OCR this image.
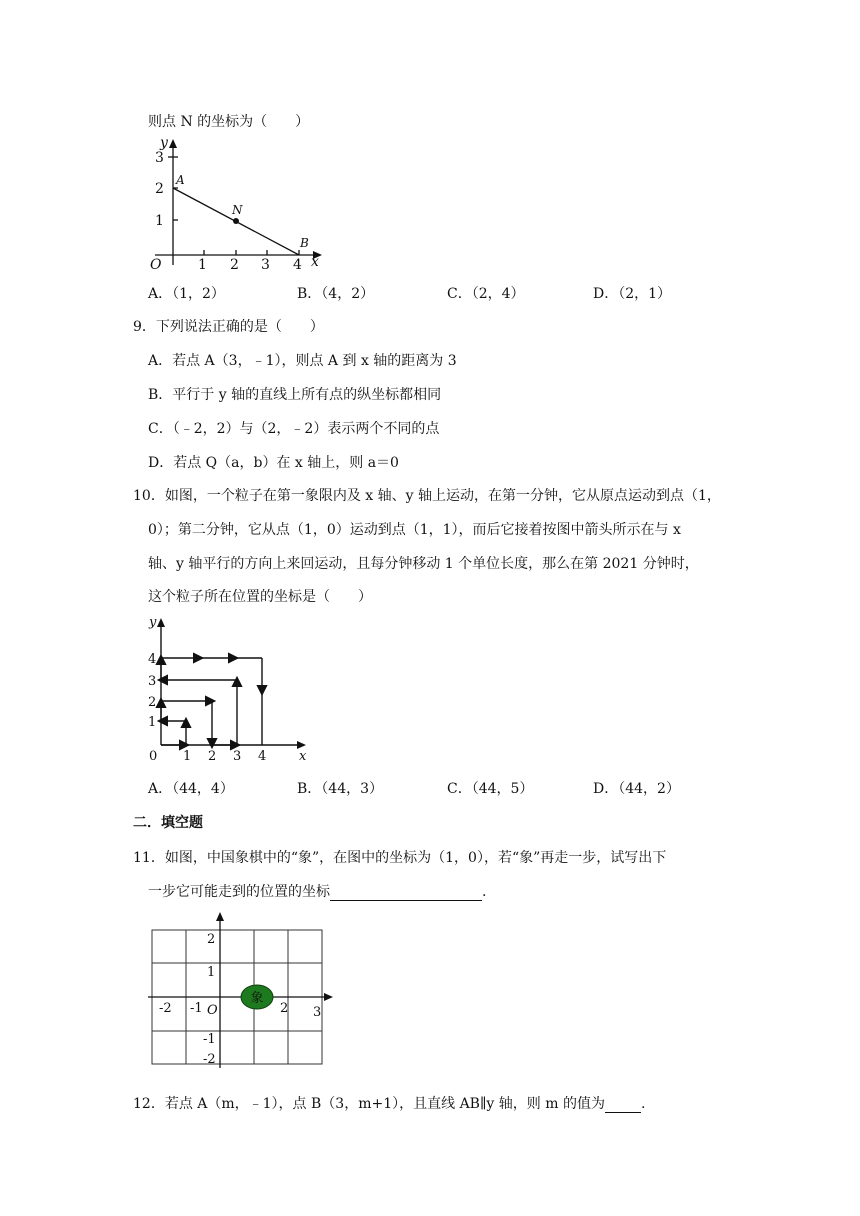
则点 N 的坐标为（　　）
y
3
2
1
O	1 2 3 4 x
A
N
B
A．（1，2）	B．（4，2）	C．（2，4）	D．（2，1）
9．下列说法正确的是（　　）
A．若点 A（3，﹣1），则点 A 到 x 轴的距离为 3
B．平行于 y 轴的直线上所有点的纵坐标都相同
C．（﹣2，2）与（2，﹣2）表示两个不同的点
D．若点 Q（a，b）在 x 轴上，则 a＝0
10．如图，一个粒子在第一象限内及 x 轴、y 轴上运动，在第一分钟，它从原点运动到点（1，
0）；第二分钟，它从点（1，0）运动到点（1，1），而后它接着按图中箭头所示在与 x
轴、y 轴平行的方向上来回运动，且每分钟移动 1 个单位长度，那么在第 2021 分钟时，
这个粒子所在位置的坐标是（　　）
y
4
3
2
1
0 1 2 3 4	x
A．（44，4）	B．（44，3）	C．（44，5）	D．（44，2）
二．填空题
11．如图，中国象棋中的“象”，在图中的坐标为（1，0），若“象”再走一步，试写出下
一步它可能走到的位置的坐标	.
象
2
1
-1
-2
-2 -1	2 3
O
12．若点 A（m，﹣1），点 B（3，m+1），且直线 AB∥y 轴，则 m 的值为	.
